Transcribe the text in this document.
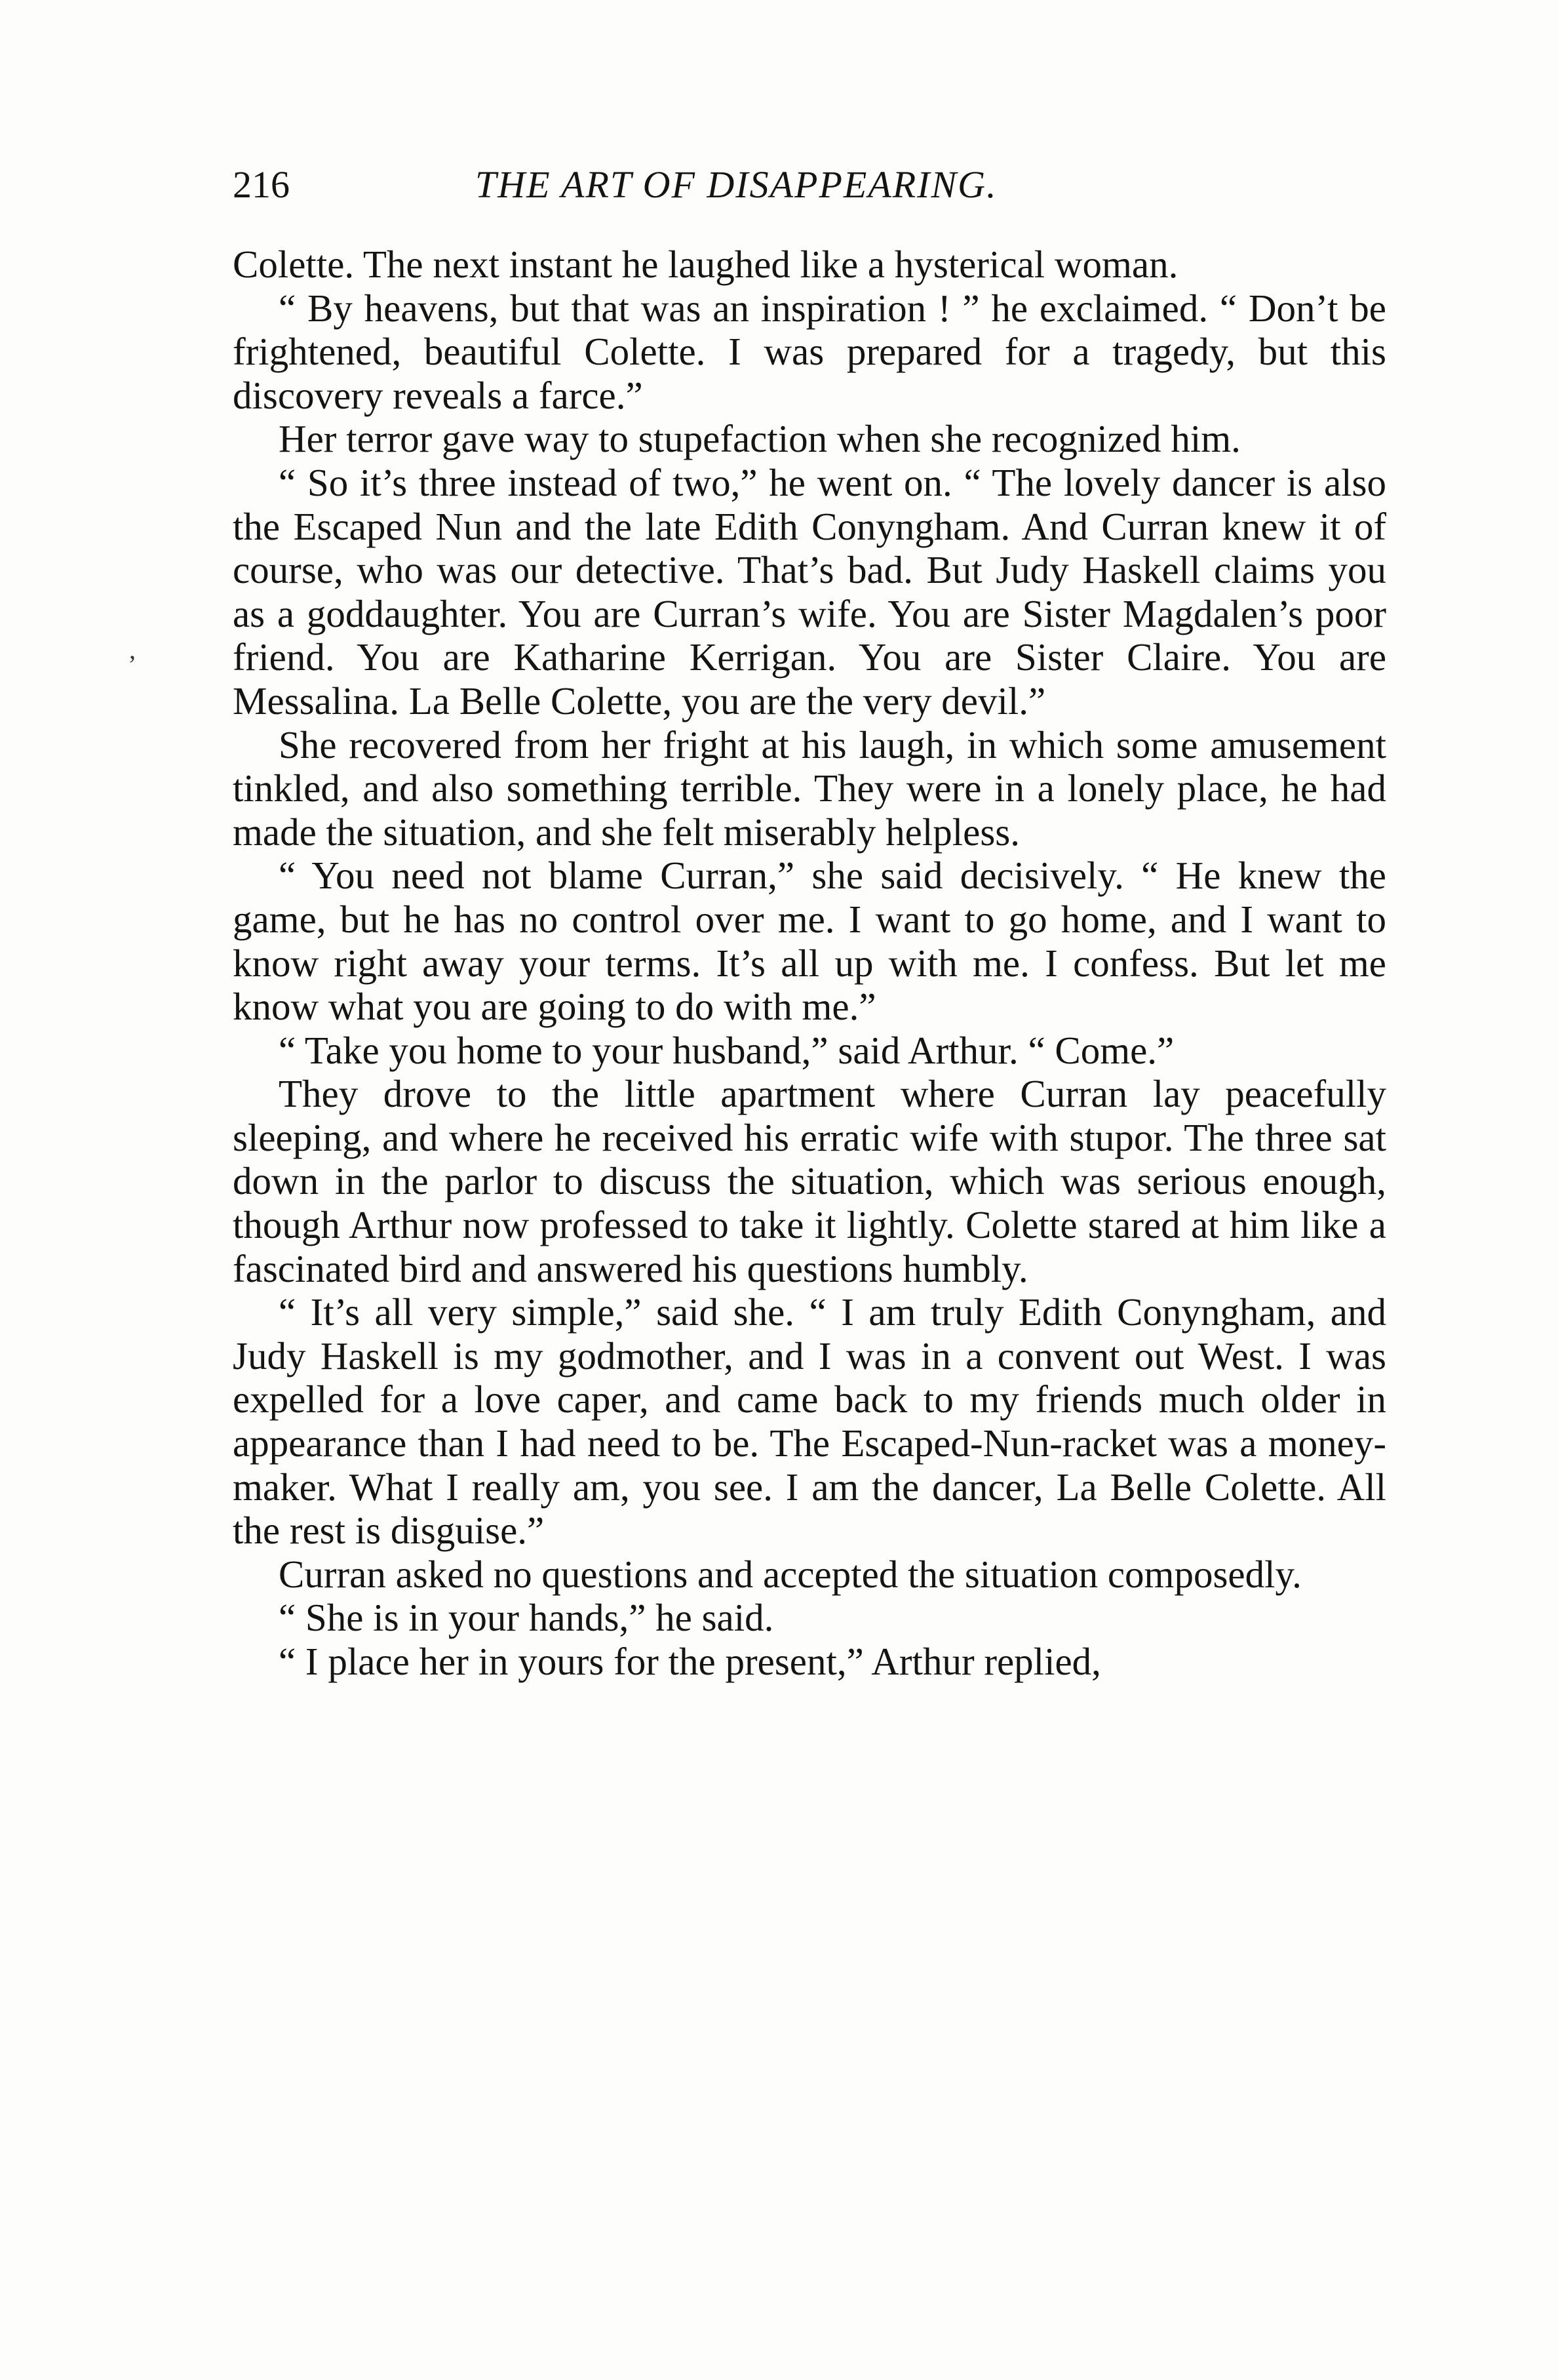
216	THE ART OF DISAPPEARING.

Colette. The next instant he laughed like a hysterical woman.

“ By heavens, but that was an inspiration ! ” he exclaimed. “ Don’t be frightened, beautiful Colette. I was prepared for a tragedy, but this discovery reveals a farce.”

Her terror gave way to stupefaction when she recognized him.

“ So it’s three instead of two,” he went on. “ The lovely dancer is also the Escaped Nun and the late Edith Conyngham. And Curran knew it of course, who was our detective. That’s bad. But Judy Haskell claims you as a goddaughter. You are Curran’s wife. You are Sister Magdalen’s poor friend. You are Katharine Kerrigan. You are Sister Claire. You are Messalina. La Belle Colette, you are the very devil.”

She recovered from her fright at his laugh, in which some amusement tinkled, and also something terrible. They were in a lonely place, he had made the situation, and she felt miserably helpless.

“ You need not blame Curran,” she said decisively. “ He knew the game, but he has no control over me. I want to go home, and I want to know right away your terms. It’s all up with me. I confess. But let me know what you are going to do with me.”

“ Take you home to your husband,” said Arthur. “ Come.”

They drove to the little apartment where Curran lay peacefully sleeping, and where he received his erratic wife with stupor. The three sat down in the parlor to discuss the situation, which was serious enough, though Arthur now professed to take it lightly. Colette stared at him like a fascinated bird and answered his questions humbly.

“ It’s all very simple,” said she. “ I am truly Edith Conyngham, and Judy Haskell is my godmother, and I was in a convent out West. I was expelled for a love caper, and came back to my friends much older in appearance than I had need to be. The Escaped-Nun-racket was a money-maker. What I really am, you see. I am the dancer, La Belle Colette. All the rest is disguise.”

Curran asked no questions and accepted the situation composedly.

“ She is in your hands,” he said.

“ I place her in yours for the present,” Arthur replied,

’
